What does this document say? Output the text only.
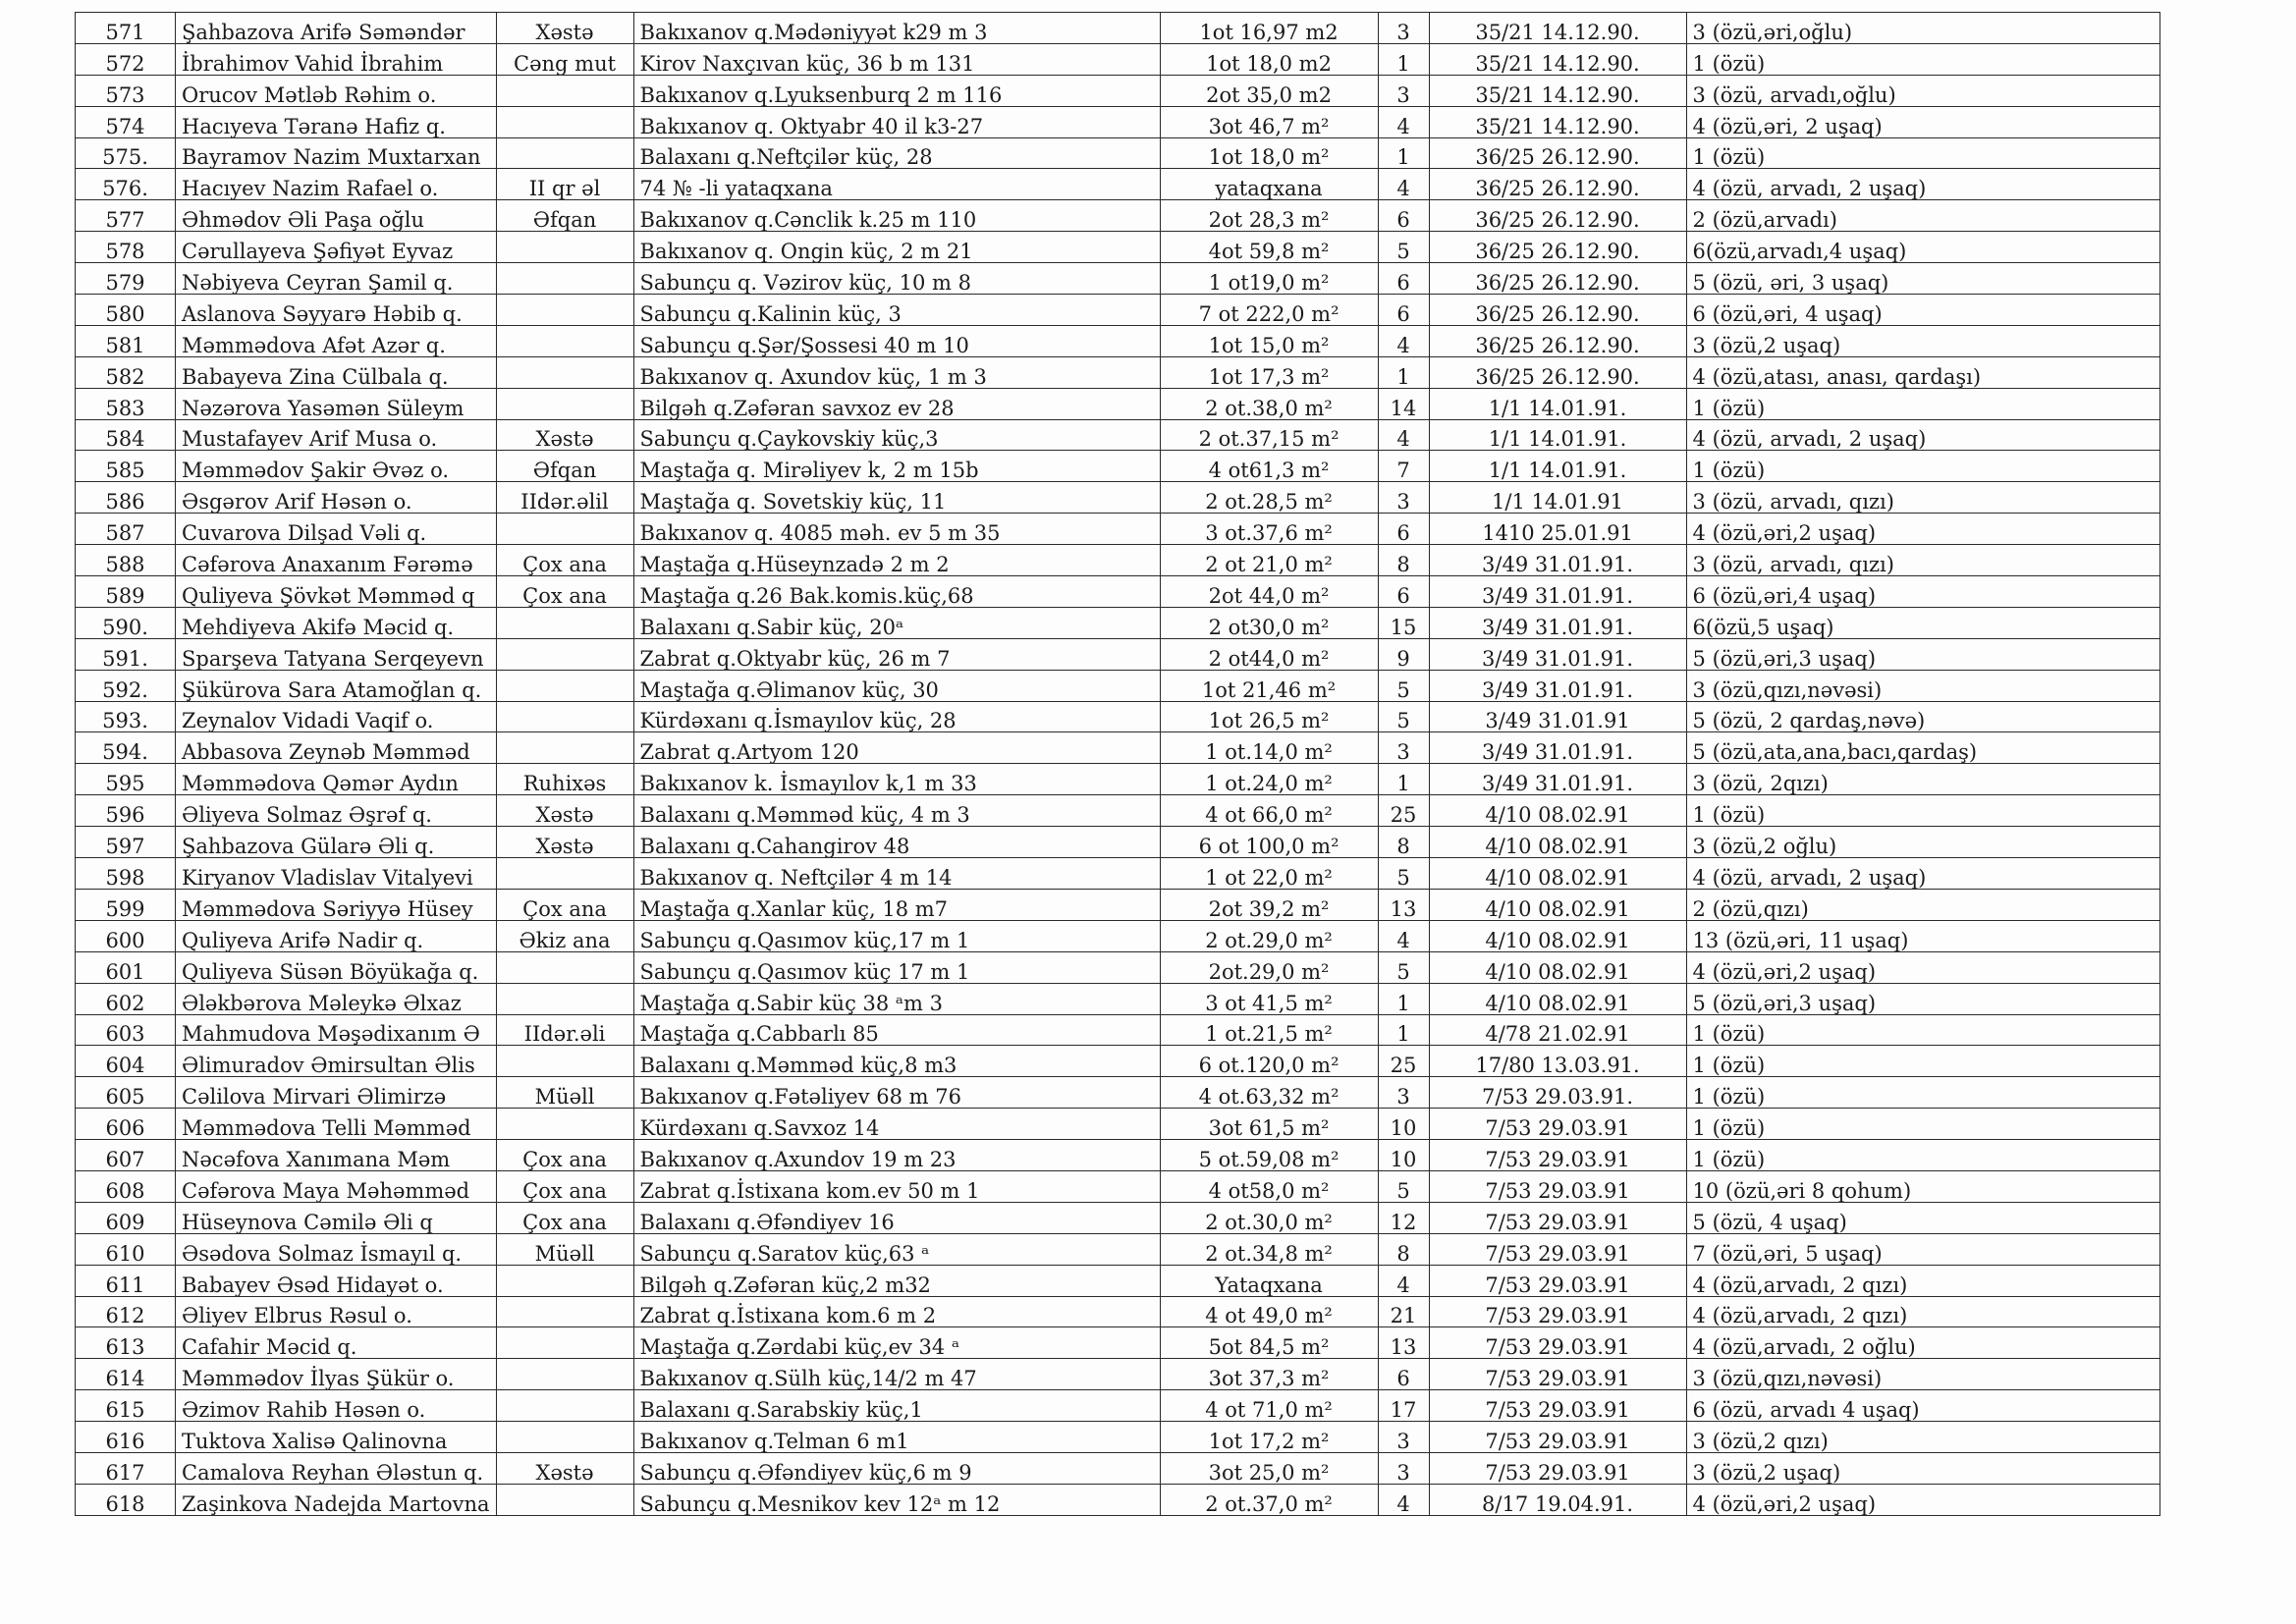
571	Şahbazova Arifə Səməndər	Xəstə	Bakıxanov q.Mədəniyyət k29 m 3	1ot 16,97 m2	3	35/21 14.12.90.	3 (özü,əri,oğlu)
572	İbrahimov Vahid İbrahim	Cəng mut	Kirov Naxçıvan küç, 36 b m 131	1ot 18,0 m2	1	35/21 14.12.90.	1 (özü)
573	Orucov Mətləb Rəhim o.		Bakıxanov q.Lyuksenburq 2 m 116	2ot 35,0 m2	3	35/21 14.12.90.	3 (özü, arvadı,oğlu)
574	Hacıyeva Təranə Hafiz q.		Bakıxanov q. Oktyabr 40 il k3-27	3ot 46,7 m²	4	35/21 14.12.90.	4 (özü,əri, 2 uşaq)
575.	Bayramov Nazim Muxtarxan		Balaxanı q.Neftçilər küç, 28	1ot 18,0 m²	1	36/25 26.12.90.	1 (özü)
576.	Hacıyev Nazim Rafael o.	II qr əl	74 № -li yataqxana	yataqxana	4	36/25 26.12.90.	4 (özü, arvadı, 2 uşaq)
577	Əhmədov Əli Paşa oğlu	Əfqan	Bakıxanov q.Cənclik k.25 m 110	2ot 28,3 m²	6	36/25 26.12.90.	2 (özü,arvadı)
578	Cərullayeva Şəfiyət Eyvaz		Bakıxanov q. Ongin küç, 2 m 21	4ot 59,8 m²	5	36/25 26.12.90.	6(özü,arvadı,4 uşaq)
579	Nəbiyeva Ceyran Şamil q.		Sabunçu q. Vəzirov küç, 10 m 8	1 ot19,0 m²	6	36/25 26.12.90.	5 (özü, əri, 3 uşaq)
580	Aslanova Səyyarə Həbib q.		Sabunçu q.Kalinin küç, 3	7 ot 222,0 m²	6	36/25 26.12.90.	6 (özü,əri, 4 uşaq)
581	Məmmədova Afət Azər q.		Sabunçu q.Şər/Şossesi 40 m 10	1ot 15,0 m²	4	36/25 26.12.90.	3 (özü,2 uşaq)
582	Babayeva Zina Cülbala q.		Bakıxanov q. Axundov küç, 1 m 3	1ot 17,3 m²	1	36/25 26.12.90.	4 (özü,atası, anası, qardaşı)
583	Nəzərova Yasəmən Süleym		Bilgəh q.Zəfəran savxoz ev 28	2 ot.38,0 m²	14	1/1 14.01.91.	1 (özü)
584	Mustafayev Arif Musa o.	Xəstə	Sabunçu q.Çaykovskiy küç,3	2 ot.37,15 m²	4	1/1 14.01.91.	4 (özü, arvadı, 2 uşaq)
585	Məmmədov Şakir Əvəz o.	Əfqan	Maştağa q. Mirəliyev k, 2 m 15b	4 ot61,3 m²	7	1/1 14.01.91.	1 (özü)
586	Əsgərov Arif Həsən o.	IIdər.əlil	Maştağa q. Sovetskiy küç, 11	2 ot.28,5 m²	3	1/1 14.01.91	3 (özü, arvadı, qızı)
587	Cuvarova Dilşad Vəli q.		Bakıxanov q. 4085 məh. ev 5 m 35	3 ot.37,6 m²	6	1410 25.01.91	4 (özü,əri,2 uşaq)
588	Cəfərova Anaxanım Fərəmə	Çox ana	Maştağa q.Hüseynzadə 2 m 2	2 ot 21,0 m²	8	3/49 31.01.91.	3 (özü, arvadı, qızı)
589	Quliyeva Şövkət Məmməd q	Çox ana	Maştağa q.26 Bak.komis.küç,68	2ot 44,0 m²	6	3/49 31.01.91.	6 (özü,əri,4 uşaq)
590.	Mehdiyeva Akifə Məcid q.		Balaxanı q.Sabir küç, 20ᵃ	2 ot30,0 m²	15	3/49 31.01.91.	6(özü,5 uşaq)
591.	Sparşeva Tatyana Serqeyevn		Zabrat q.Oktyabr küç, 26 m 7	2 ot44,0 m²	9	3/49 31.01.91.	5 (özü,əri,3 uşaq)
592.	Şükürova Sara Atamoğlan q.		Maştağa q.Əlimanov küç, 30	1ot 21,46 m²	5	3/49 31.01.91.	3 (özü,qızı,nəvəsi)
593.	Zeynalov Vidadi Vaqif o.		Kürdəxanı q.İsmayılov küç, 28	1ot 26,5 m²	5	3/49 31.01.91	5 (özü, 2 qardaş,nəvə)
594.	Abbasova Zeynəb Məmməd		Zabrat q.Artyom 120	1 ot.14,0 m²	3	3/49 31.01.91.	5 (özü,ata,ana,bacı,qardaş)
595	Məmmədova Qəmər Aydın	Ruhixəs	Bakıxanov k. İsmayılov k,1 m 33	1 ot.24,0 m²	1	3/49 31.01.91.	3 (özü, 2qızı)
596	Əliyeva Solmaz Əşrəf q.	Xəstə	Balaxanı q.Məmməd küç, 4 m 3	4 ot 66,0 m²	25	4/10 08.02.91	1 (özü)
597	Şahbazova Gülarə Əli q.	Xəstə	Balaxanı q.Cahangirov 48	6 ot 100,0 m²	8	4/10 08.02.91	3 (özü,2 oğlu)
598	Kiryanov Vladislav Vitalyevi		Bakıxanov q. Neftçilər 4 m 14	1 ot 22,0 m²	5	4/10 08.02.91	4 (özü, arvadı, 2 uşaq)
599	Məmmədova Səriyyə Hüsey	Çox ana	Maştağa q.Xanlar küç, 18 m7	2ot 39,2 m²	13	4/10 08.02.91	2 (özü,qızı)
600	Quliyeva Arifə Nadir q.	Əkiz ana	Sabunçu q.Qasımov küç,17 m 1	2 ot.29,0 m²	4	4/10 08.02.91	13 (özü,əri, 11 uşaq)
601	Quliyeva Süsən Böyükağa q.		Sabunçu q.Qasımov küç 17 m 1	2ot.29,0 m²	5	4/10 08.02.91	4 (özü,əri,2 uşaq)
602	Ələkbərova Məleykə Əlxaz		Maştağa q.Sabir küç 38 ᵃm 3	3 ot 41,5 m²	1	4/10 08.02.91	5 (özü,əri,3 uşaq)
603	Mahmudova Məşədixanım Ə	IIdər.əli	Maştağa q.Cabbarlı 85	1 ot.21,5 m²	1	4/78 21.02.91	1 (özü)
604	Əlimuradov Əmirsultan Əlis		Balaxanı q.Məmməd küç,8 m3	6 ot.120,0 m²	25	17/80 13.03.91.	1 (özü)
605	Cəlilova Mirvari Əlimirzə	Müəll	Bakıxanov q.Fətəliyev 68 m 76	4 ot.63,32 m²	3	7/53 29.03.91.	1 (özü)
606	Məmmədova Telli Məmməd		Kürdəxanı q.Savxoz 14	3ot 61,5 m²	10	7/53 29.03.91	1 (özü)
607	Nəcəfova Xanımana Məm	Çox ana	Bakıxanov q.Axundov 19 m 23	5 ot.59,08 m²	10	7/53 29.03.91	1 (özü)
608	Cəfərova Maya Məhəmməd	Çox ana	Zabrat q.İstixana kom.ev 50 m 1	4 ot58,0 m²	5	7/53 29.03.91	10 (özü,əri 8 qohum)
609	Hüseynova Cəmilə Əli q	Çox ana	Balaxanı q.Əfəndiyev 16	2 ot.30,0 m²	12	7/53 29.03.91	5 (özü, 4 uşaq)
610	Əsədova Solmaz İsmayıl q.	Müəll	Sabunçu q.Saratov küç,63 ᵃ	2 ot.34,8 m²	8	7/53 29.03.91	7 (özü,əri, 5 uşaq)
611	Babayev Əsəd Hidayət o.		Bilgəh q.Zəfəran küç,2 m32	Yataqxana	4	7/53 29.03.91	4 (özü,arvadı, 2 qızı)
612	Əliyev Elbrus Rəsul o.		Zabrat q.İstixana kom.6 m 2	4 ot 49,0 m²	21	7/53 29.03.91	4 (özü,arvadı, 2 qızı)
613	Cafahir Məcid q.		Maştağa q.Zərdabi küç,ev 34 ᵃ	5ot 84,5 m²	13	7/53 29.03.91	4 (özü,arvadı, 2 oğlu)
614	Məmmədov İlyas Şükür o.		Bakıxanov q.Sülh küç,14/2 m 47	3ot 37,3 m²	6	7/53 29.03.91	3 (özü,qızı,nəvəsi)
615	Əzimov Rahib Həsən o.		Balaxanı q.Sarabskiy küç,1	4 ot 71,0 m²	17	7/53 29.03.91	6 (özü, arvadı 4 uşaq)
616	Tuktova Xalisə Qalinovna		Bakıxanov q.Telman 6 m1	1ot 17,2 m²	3	7/53 29.03.91	3 (özü,2 qızı)
617	Camalova Reyhan Ələstun q.	Xəstə	Sabunçu q.Əfəndiyev küç,6 m 9	3ot 25,0 m²	3	7/53 29.03.91	3 (özü,2 uşaq)
618	Zaşinkova Nadejda Martovna		Sabunçu q.Mesnikov kev 12ᵃ m 12	2 ot.37,0 m²	4	8/17 19.04.91.	4 (özü,əri,2 uşaq)
